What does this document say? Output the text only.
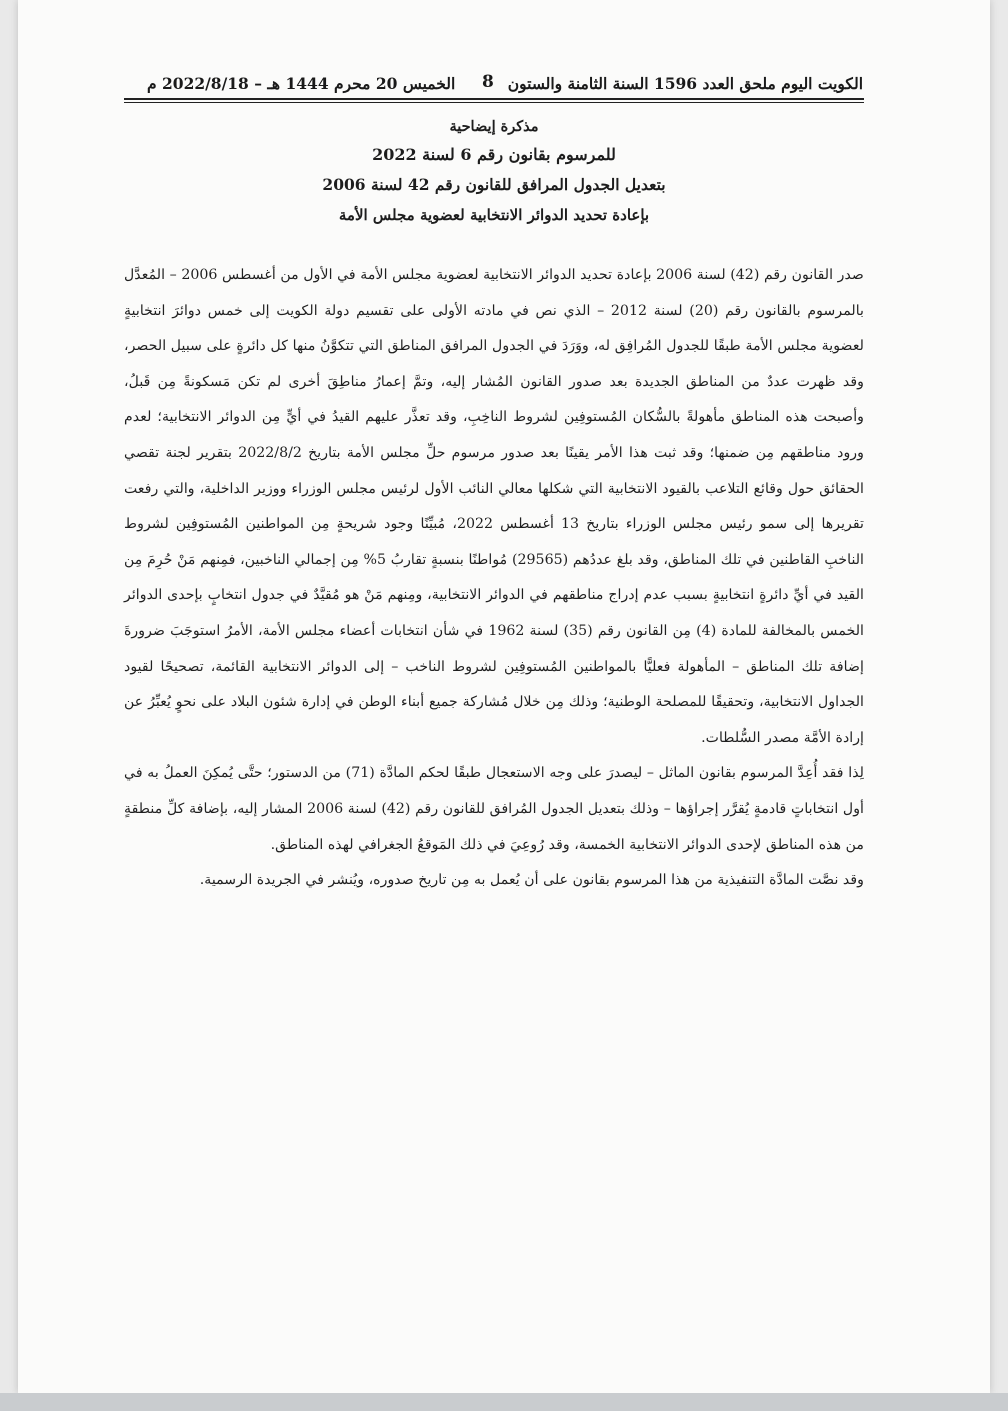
الكويت اليوم ملحق العدد 1596 السنة الثامنة والستون
8
الخميس 20 محرم 1444 هـ – 2022/8/18 م
مذكرة إيضاحية
للمرسوم بقانون رقم 6 لسنة 2022
بتعديل الجدول المرافق للقانون رقم 42 لسنة 2006
بإعادة تحديد الدوائر الانتخابية لعضوية مجلس الأمة

صدر القانون رقم (42) لسنة 2006 بإعادة تحديد الدوائر الانتخابية لعضوية مجلس الأمة في الأول من أغسطس 2006 – المُعدَّل بالمرسوم بالقانون رقم (20) لسنة 2012 – الذي نص في مادته الأولى على تقسيم دولة الكويت إلى خمس دوائرَ انتخابيةٍ لعضوية مجلس الأمة طبقًا للجدول المُرافِق له، ووَرَدَ في الجدول المرافق المناطق التي تتكوَّنُ منها كل دائرةٍ على سبيل الحصر، وقد ظهرت عددٌ من المناطق الجديدة بعد صدور القانون المُشار إليه، وتمَّ إعمارُ مناطِقَ أخرى لم تكن مَسكونةً مِن قَبلُ، وأصبحت هذه المناطق مأهولةً بالسُّكان المُستوفِين لشروط الناخِبِ، وقد تعذَّر عليهم القيدُ في أيٍّ مِن الدوائر الانتخابية؛ لعدم ورود مناطقهم مِن ضمنها؛ وقد ثبت هذا الأمر يقينًا بعد صدور مرسوم حلِّ مجلس الأمة بتاريخ 2022/8/2 بتقرير لجنة تقصي الحقائق حول وقائع التلاعب بالقيود الانتخابية التي شكلها معالي النائب الأول لرئيس مجلس الوزراء ووزير الداخلية، والتي رفعت تقريرها إلى سمو رئيس مجلس الوزراء بتاريخ 13 أغسطس 2022، مُبيِّنًا وجود شريحةٍ مِن المواطنين المُستوفِين لشروط الناخبِ القاطنين في تلك المناطق، وقد بلغ عددُهم (29565) مُواطنًا بنسبةٍ تقاربُ 5% مِن إجمالي الناخبين، فمِنهم مَنْ حُرِمَ مِن القيد في أيِّ دائرةٍ انتخابيةٍ بسبب عدم إدراج مناطقهم في الدوائر الانتخابية، ومِنهم مَنْ هو مُقيَّدٌ في جدول انتخابٍ بإحدى الدوائر الخمس بالمخالفة للمادة (4) مِن القانون رقم (35) لسنة 1962 في شأن انتخابات أعضاء مجلس الأمة، الأمرُ استوجَبَ ضرورةَ إضافة تلك المناطق – المأهولة فعليًّا بالمواطنين المُستوفِين لشروط الناخب – إلى الدوائر الانتخابية القائمة، تصحيحًا لقيود الجداول الانتخابية، وتحقيقًا للمصلحة الوطنية؛ وذلك مِن خلال مُشاركة جميع أبناء الوطن في إدارة شئون البلاد على نحوٍ يُعبِّرُ عن إرادة الأمَّة مصدر السُّلطات.

لِذا فقد أُعِدَّ المرسوم بقانون الماثل – ليصدرَ على وجه الاستعجال طبقًا لحكم المادَّة (71) من الدستور؛ حتَّى يُمكِنَ العملُ به في أول انتخاباتٍ قادمةٍ يُقرَّر إجراؤها – وذلك بتعديل الجدول المُرافق للقانون رقم (42) لسنة 2006 المشار إليه، بإضافة كلِّ منطقةٍ من هذه المناطق لإحدى الدوائر الانتخابية الخمسة، وقد رُوعِيَ في ذلك المَوقعُ الجغرافي لهذه المناطق.

وقد نصَّت المادَّة التنفيذية من هذا المرسوم بقانون على أن يُعمل به مِن تاريخ صدوره، ويُنشر في الجريدة الرسمية.
